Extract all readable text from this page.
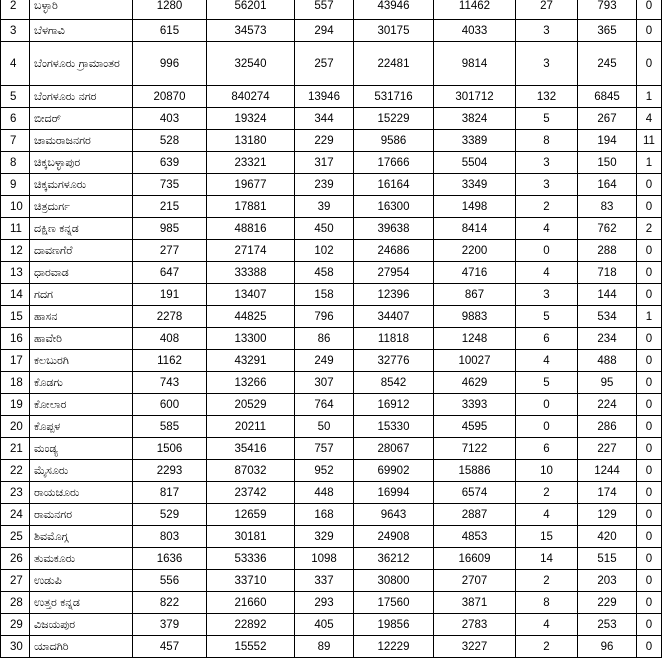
2	ಬಳ್ಳಾರಿ	1280	56201	557	43946	11462	27	793	0
3	ಬೆಳಗಾವಿ	615	34573	294	30175	4033	3	365	0
4	ಬೆಂಗಳೂರು ಗ್ರಾಮಾಂತರ	996	32540	257	22481	9814	3	245	0
5	ಬೆಂಗಳೂರು ನಗರ	20870	840274	13946	531716	301712	132	6845	1
6	ಬೀದರ್	403	19324	344	15229	3824	5	267	4
7	ಚಾಮರಾಜನಗರ	528	13180	229	9586	3389	8	194	11
8	ಚಿಕ್ಕಬಳ್ಳಾಪುರ	639	23321	317	17666	5504	3	150	1
9	ಚಿಕ್ಕಮಗಳೂರು	735	19677	239	16164	3349	3	164	0
10	ಚಿತ್ರದುರ್ಗ	215	17881	39	16300	1498	2	83	0
11	ದಕ್ಷಿಣ ಕನ್ನಡ	985	48816	450	39638	8414	4	762	2
12	ದಾವಣಗೆರೆ	277	27174	102	24686	2200	0	288	0
13	ಧಾರವಾಡ	647	33388	458	27954	4716	4	718	0
14	ಗದಗ	191	13407	158	12396	867	3	144	0
15	ಹಾಸನ	2278	44825	796	34407	9883	5	534	1
16	ಹಾವೇರಿ	408	13300	86	11818	1248	6	234	0
17	ಕಲಬುರಗಿ	1162	43291	249	32776	10027	4	488	0
18	ಕೊಡಗು	743	13266	307	8542	4629	5	95	0
19	ಕೋಲಾರ	600	20529	764	16912	3393	0	224	0
20	ಕೊಪ್ಪಳ	585	20211	50	15330	4595	0	286	0
21	ಮಂಡ್ಯ	1506	35416	757	28067	7122	6	227	0
22	ಮೈಸೂರು	2293	87032	952	69902	15886	10	1244	0
23	ರಾಯಚೂರು	817	23742	448	16994	6574	2	174	0
24	ರಾಮನಗರ	529	12659	168	9643	2887	4	129	0
25	ಶಿವಮೊಗ್ಗ	803	30181	329	24908	4853	15	420	0
26	ತುಮಕೂರು	1636	53336	1098	36212	16609	14	515	0
27	ಉಡುಪಿ	556	33710	337	30800	2707	2	203	0
28	ಉತ್ತರ ಕನ್ನಡ	822	21660	293	17560	3871	8	229	0
29	ವಿಜಯಪುರ	379	22892	405	19856	2783	4	253	0
30	ಯಾದಗಿರಿ	457	15552	89	12229	3227	2	96	0
